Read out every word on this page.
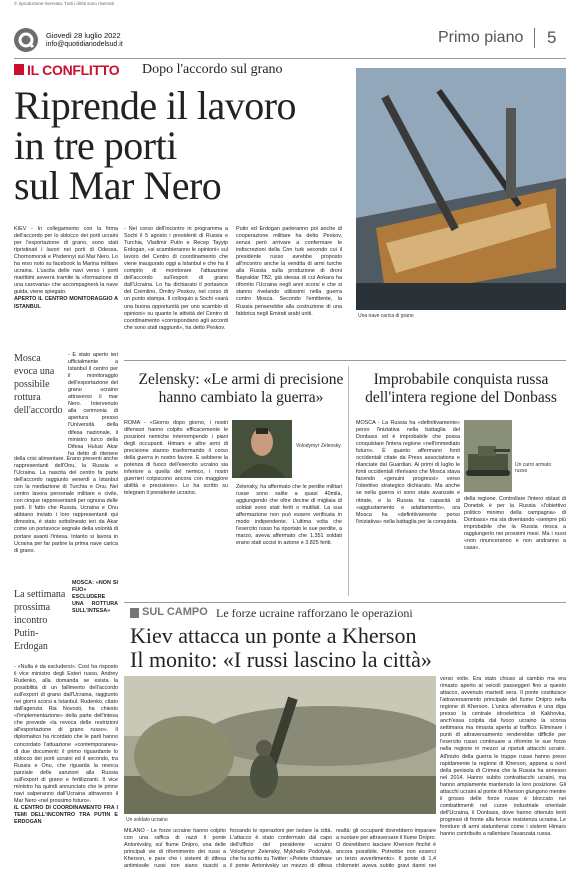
© riproduzione riservata. Tutti i diritti sono riservati
Giovedì 28 luglio 2022
info@quotidianodelsud.it	Primo piano 5
IL CONFLITTO Dopo l'accordo sul grano
Riprende il lavoro
in tre porti
sul Mar Nero
Una nave carica di grano

KIEV - In collegamento con la firma dell'accordo per lo sblocco dei porti ucraini per l'esportazione di grano, sono stati ripristinati i lavori nei porti di Odessa, Chornomorsk e Pivdennyi sul Mar Nero. Lo ha reso noto su facebook la Marina militare ucraina. L'uscita delle navi verso i porti marittimi avverrà tramite la «formazione di una carovana» che accompagnerà la nave guida, viene spiegato.

APERTO IL CENTRO MONITORAGGIO A ISTANBUL

Mosca evoca una possibile rottura dell'accordo

- È stato aperto ieri ufficialmente a Istanbul il centro per il monitoraggio dell'esportazione del grano ucraino attraverso il mar Nero. Intervenuto alla cerimonia di apertura presso l'Università della difesa nazionale, il ministro turco della Difesa Hulusi Akar ha detto di ritenere

della crisi alimentare. Erano presenti anche rappresentanti dell'Onu, la Russia e l'Ucraina. La nascita del centro fa parte dell'accordo raggiunto venerdì a Istanbul con la mediazione di Turchia e Onu. Nel centro lavora personale militare e civile, con cinque rappresentanti per ognuna delle parti. Il fatto che Russia, Ucraina e Onu abbiano inviato i loro rappresentanti qui dimostra, è stato sottolineato ieri da Akar come un portavoce segnale della volontà di portare avanti l'intesa. Intanto si lavora in Ucraina per far partire la prima nave carica di grano.

La settimana prossima incontro Putin-Erdogan

MOSCA: «NON SI FUO» ESCLUDERE UNA ROTTURA SULL'INTESA»

- «Nulla è da escludersi». Così ha risposto il vice ministro degli Esteri russo, Andrey Rudenko, alla domanda se esista la possibilità di un fallimento dell'accordo sull'export di grano dall'Ucraina, raggiunto nei giorni scorsi a Istanbul. Rudenko, citato dall'agenzia Ria Novosti, ha chiesto «l'implementazione» della parte dell'intesa che prevede «la revoca delle restrizioni all'esportazione di grano russo». Il diplomatico ha ricordato che le parti hanno concordato l'attuazione «contemporanea» di due documenti: il primo riguardante lo sblocco dei porti ucraini ed il secondo, tra Russia e Onu, che riguarda la revoca parziale delle sanzioni alla Russia sull'export di grano e fertilizzanti. Il vice ministro ha quindi annunciato che le prime navi salperanno dall'Ucraina attraverso il Mar Nero «nel prossimo futuro».

IL CENTRO DI COORDINAMENTO FRA I TEMI DELL'INCONTRO TRA PUTIN E ERDOGAN

- Nel corso dell'incontro in programma a Sochi il 5 agosto i presidenti di Russia e Turchia, Vladimir Putin e Recep Tayyip Erdogan, «si scambieranno le opinioni» sul lavoro del Centro di coordinamento che viene inaugurato oggi a Istanbul e che ha il compito di monitorare l'attuazione dell'accordo sull'export di grano dall'Ucraina. Lo ha dichiarato il portavoce del Cremlino, Dmitry Peskov, nel corso di un punto stampa. Il colloquio a Sochi «sarà una buona opportunità per uno scambio di opinioni» su quanto le attività del Centro di coordinamento «corrispondano agli accordi che sono stati raggiunti», ha detto Peskov.

Putin ed Erdogan parleranno poi anche di cooperazione militare ha detto Peskov, senza però arrivare a confermare le indiscrezioni della Cnn turk secondo cui il presidente russo avrebbe proposto all'incontro anche la vendita di armi turche alla Russia sulla produzione di droni Bayraktar TB2, già stessa di cui Ankara ha rifornito l'Ucraina negli anni scorsi e che si stanno rivelando utilissimi nella guerra contro Mosca. Secondo l'emittente, la Russia penserebbe alla costruzione di una fabbrica negli Emirati arabi uniti.

Zelensky: «Le armi di precisione hanno cambiato la guerra»

ROMA - «Giorno dopo giorno, i nostri difensori hanno colpito efficacemente le posizioni nemiche interrompendo i piani degli occupanti. Himars e altre armi di precisione stanno trasformando il corso della guerra in nostro favore. E sebbene la potenza di fuoco dell'esercito ucraino sia inferiore a quella del nemico, i nostri guerrieri colpiscono ancora con maggiore abilità e precisione». Lo ha scritto su telegram il presidente ucraino.

Volodymyr Zelensky

Zelensky, ha affermato che le perdite militari russe sono salite a quasi 40mila, aggiungendo che oltre decine di migliaia di soldati sono stati feriti o mutilati. La sua affermazione non può essere verificata in modo indipendente. L'ultima volta che l'esercito russo ha riportato le sue perdite, a marzo, aveva affermato che 1.351 soldati erano stati uccisi in azione e 3.825 feriti.

Improbabile conquista russa dell'intera regione del Donbass

MOSCA - La Russia ha «definitivamente» perso l'iniziativa nella battaglia del Donbass ed è improbabile che possa conquistare l'intera regione «nell'immediato futuro». È quanto affermano fonti occidentali citate da Press associations e rilanciate dal Guardian. Ai primi di luglio le fonti occidentali riferivano che Mosca stava facendo «genuini progressi» verso l'obiettivo strategico dichiarato. Ma anche se nella guerra vi sono state avanzate e ritirate, e la Russia ha capacità di «aggiustamento e adattamento», ora Mosca ha «definitivamente perso l'iniziativa» nella battaglia per la conquista.

Un carro armato russo

della regione. Controllare l'intero oblast di Donetsk è per la Russia «l'obiettivo politico minimo della campagna» di Donbass» ma sta diventando «sempre più improbabile che la Russia riesca a raggiungerlo nei prossimi mesi. Ma i russi «non rinunceranno e non andranno a casa».

SUL CAMPO Le forze ucraine rafforzano le operazioni
Kiev attacca un ponte a Kherson
Il monito: «I russi lascino la città»
Un soldato ucraino

verso volte. Era stato chiuso al cambio ma era rimasto aperto ai veicoli passeggeri fino a questo attacco, avvenuto martedì sera. Il ponte costituisce l'attraversamento principale del fiume Dnipro nella regione di Kherson. L'unica alternativa è una diga presso la centrale idroelettrica di Kakhovka, anch'essa colpita dal fuoco ucraino la scorsa settimana ma rimasta aperta al traffico. Eliminare i punti di attraversamento renderebbe difficile per l'esercito russo continuare a rifornire le sue forze nella regione in mezzo ai ripetuti attacchi ucraini. All'inizio della guerra le truppe russe hanno preso rapidamente la regione di Kherson, appena a nord della penisola di Crimea che la Russia ha annesso nel 2014. Hanno subito contrattacchi ucraini, ma hanno ampiamente mantenuto la loro posizione. Gli attacchi ucraini al ponte di Kherson giungono mentre il grosso delle forze russe è bloccato nei combattimenti nel cuore industriale orientale dell'Ucraina, il Donbass, dove hanno ottenuto lenti progressi di fronte alla feroce resistenza ucraina. Le forniture di armi statunitensi come i sistemi Himars hanno contribuito a rallentare l'avanzata russa.

MILANO - Le forze ucraine hanno colpito con una raffica di razzi il ponte Antonivskiy, sul fiume Dnipro, una delle principali vie di rifornimento dei russi a Kherson, e pare che i sistemi di difesa antimissile russi non siano riusciti a

forzando le operazioni per isolare la città. L'attacco è stato confermato dal capo dell'ufficio del presidente ucraino Volodymyr Zelensky, Mykhailo Podolyak, che ha scritto su Twitter: «Potete chiamare il ponte Antonivskiy un mezzo di difesa

realtà: gli occupanti dovrebbero imparare a nuotare per attraversare il fiume Dnipro. O dovrebbero lasciare Kherson finché è ancora possibile. Potrebbe non esserci un terzo avvertimento». Il ponte di 1,4 chilometri aveva subito gravi danni nei
